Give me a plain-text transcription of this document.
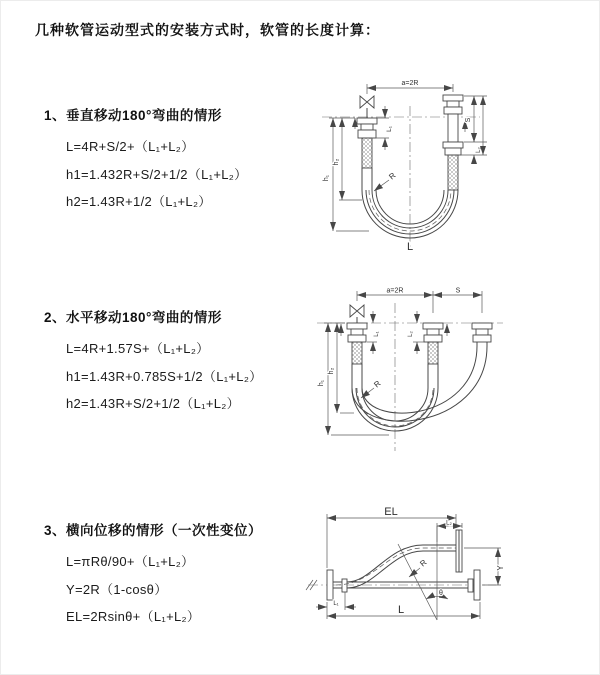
几种软管运动型式的安装方式时，软管的长度计算：
1、垂直移动180°弯曲的情形
L=4R+S/2+（L₁+L₂）
h1=1.432R+S/2+1/2（L₁+L₂）
h2=1.43R+1/2（L₁+L₂）
a=2R
h₁
h₂
L₁
S
L₂
R
L
2、水平移动180°弯曲的情形
L=4R+1.57S+（L₁+L₂）
h1=1.43R+0.785S+1/2（L₁+L₂）
h2=1.43R+S/2+1/2（L₁+L₂）
a=2R	S
L₁	L₂
h₁
h₂
R
3、横向位移的情形（一次性变位）
L=πRθ/90+（L₁+L₂）
Y=2R（1-cosθ）
EL=2Rsinθ+（L₁+L₂）
EL
L₂
Y
θ
R
L
L₁
